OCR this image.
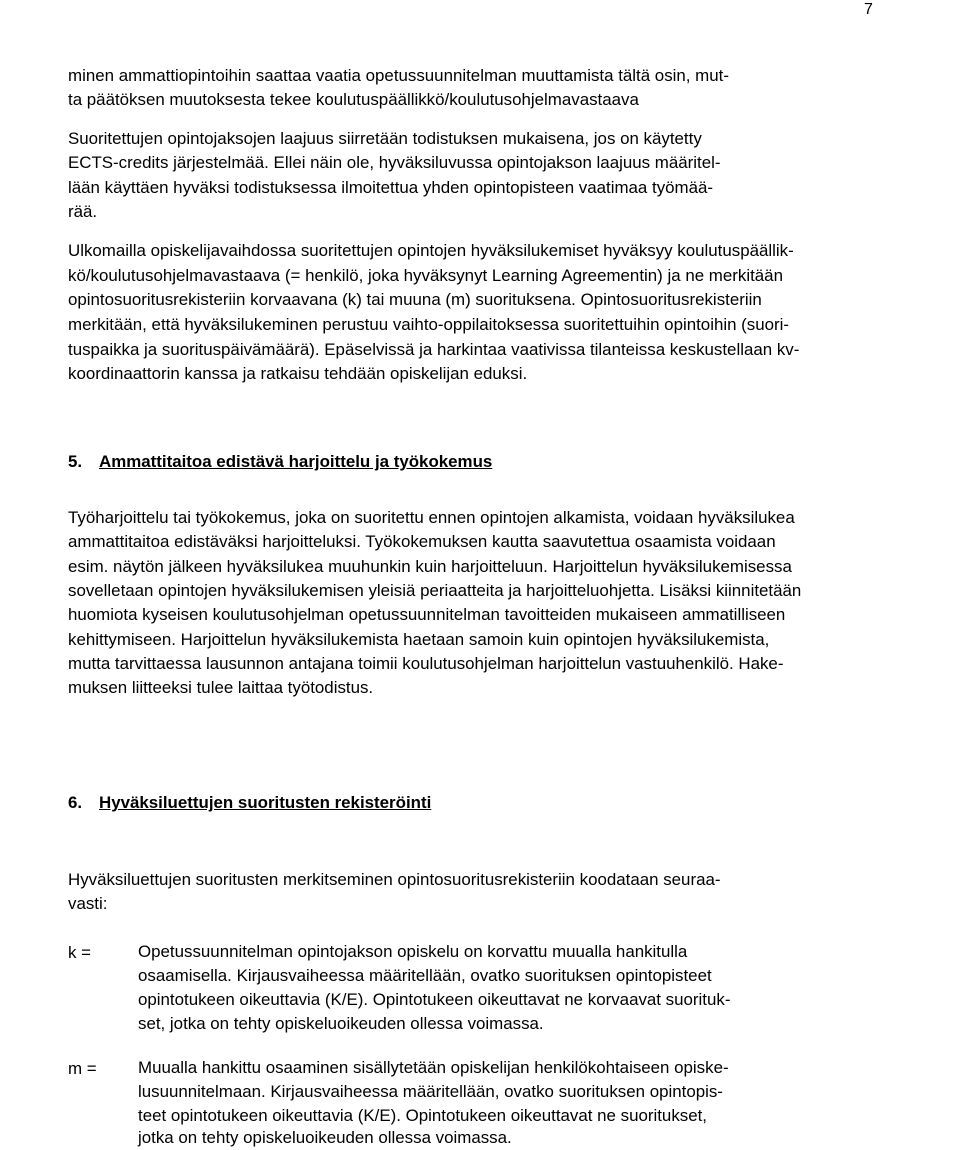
7
minen ammattiopintoihin saattaa vaatia opetussuunnitelman muuttamista tältä osin, mut-
ta päätöksen muutoksesta tekee koulutuspäällikkö/koulutusohjelmavastaava
Suoritettujen opintojaksojen laajuus siirretään todistuksen mukaisena, jos on käytetty
ECTS-credits järjestelmää. Ellei näin ole, hyväksiluvussa opintojakson laajuus määritel-
lään käyttäen hyväksi todistuksessa ilmoitettua yhden opintopisteen vaatimaa työmää-
rää.
Ulkomailla opiskelijavaihdossa suoritettujen opintojen hyväksilukemiset hyväksyy koulutuspäällik-
kö/koulutusohjelmavastaava (= henkilö, joka hyväksynyt Learning Agreementin) ja ne merkitään
opintosuoritusrekisteriin korvaavana (k) tai muuna (m) suorituksena. Opintosuoritusrekisteriin
merkitään, että hyväksilukeminen perustuu vaihto-oppilaitoksessa suoritettuihin opintoihin (suori-
tuspaikka ja suorituspäivämäärä). Epäselvissä ja harkintaa vaativissa tilanteissa keskustellaan kv-
koordinaattorin kanssa ja ratkaisu tehdään opiskelijan eduksi.
5. Ammattitaitoa edistävä harjoittelu ja työkokemus
Työharjoittelu tai työkokemus, joka on suoritettu ennen opintojen alkamista, voidaan hyväksilukea
ammattitaitoa edistäväksi harjoitteluksi. Työkokemuksen kautta saavutettua osaamista voidaan
esim. näytön jälkeen hyväksilukea muuhunkin kuin harjoitteluun. Harjoittelun hyväksilukemisessa
sovelletaan opintojen hyväksilukemisen yleisiä periaatteita ja harjoitteluohjetta. Lisäksi kiinnitetään
huomiota kyseisen koulutusohjelman opetussuunnitelman tavoitteiden mukaiseen ammatilliseen
kehittymiseen. Harjoittelun hyväksilukemista haetaan samoin kuin opintojen hyväksilukemista,
mutta tarvittaessa lausunnon antajana toimii koulutusohjelman harjoittelun vastuuhenkilö. Hake-
muksen liitteeksi tulee laittaa työtodistus.
6. Hyväksiluettujen suoritusten rekisteröinti
Hyväksiluettujen suoritusten merkitseminen opintosuoritusrekisteriin koodataan seuraa-
vasti:
k =	Opetussuunnitelman opintojakson opiskelu on korvattu muualla hankitulla
osaamisella. Kirjausvaiheessa määritellään, ovatko suorituksen opintopisteet
opintotukeen oikeuttavia (K/E). Opintotukeen oikeuttavat ne korvaavat suorituk-
set, jotka on tehty opiskeluoikeuden ollessa voimassa.
m = Muualla hankittu osaaminen sisällytetään opiskelijan henkilökohtaiseen opiske-
lusuunnitelmaan. Kirjausvaiheessa määritellään, ovatko suorituksen opintopis-
teet opintotukeen oikeuttavia (K/E). Opintotukeen oikeuttavat ne suoritukset,
jotka on tehty opiskeluoikeuden ollessa voimassa.
